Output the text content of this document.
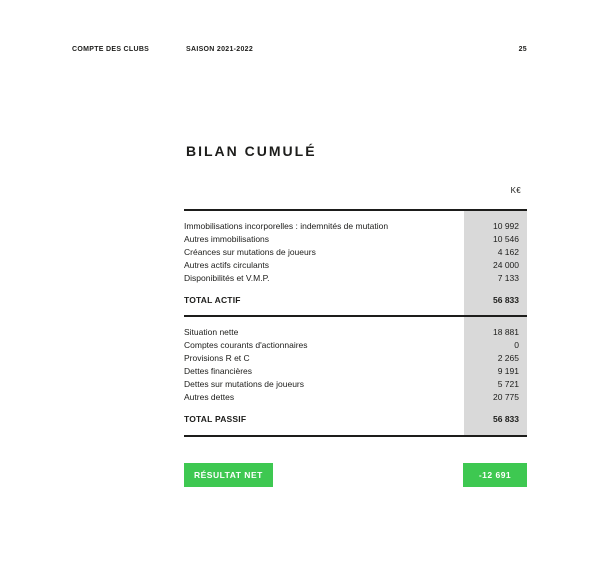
COMPTE DES CLUBS	SAISON 2021-2022	25
BILAN CUMULÉ
K€
Immobilisations incorporelles : indemnités de mutation	10 992
Autres immobilisations	10 546
Créances sur mutations de joueurs	4 162
Autres actifs circulants	24 000
Disponibilités et V.M.P.	7 133
TOTAL ACTIF	56 833
Situation nette	18 881
Comptes courants d'actionnaires	0
Provisions R et C	2 265
Dettes financières	9 191
Dettes sur mutations de joueurs	5 721
Autres dettes	20 775
TOTAL PASSIF	56 833
RÉSULTAT NET	-12 691
